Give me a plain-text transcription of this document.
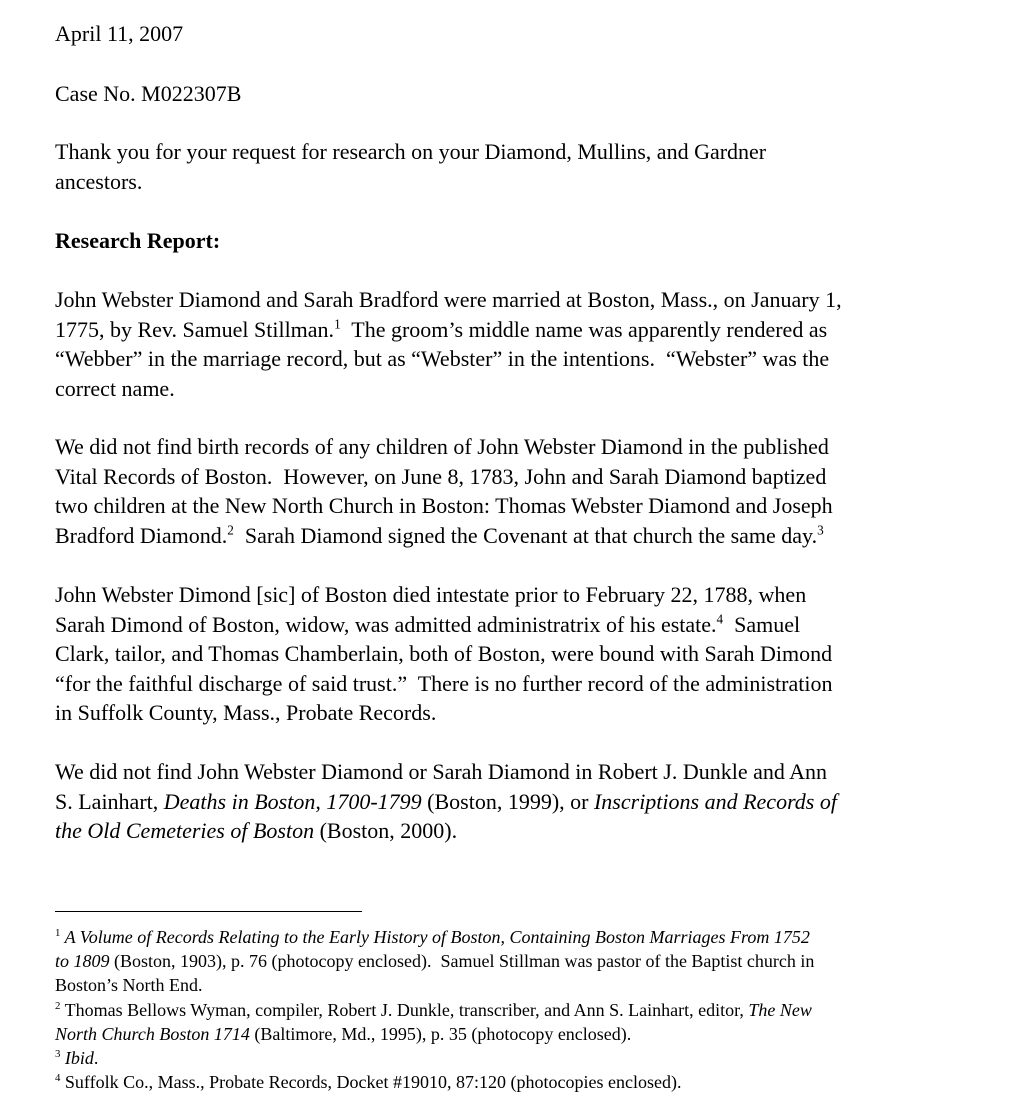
April 11, 2007
Case No. M022307B
Thank you for your request for research on your Diamond, Mullins, and Gardner
ancestors.
Research Report:
John Webster Diamond and Sarah Bradford were married at Boston, Mass., on January 1,
1775, by Rev. Samuel Stillman.$^1$  The groom’s middle name was apparently rendered as
“Webber” in the marriage record, but as “Webster” in the intentions.  “Webster” was the
correct name.
We did not find birth records of any children of John Webster Diamond in the published
Vital Records of Boston.  However, on June 8, 1783, John and Sarah Diamond baptized
two children at the New North Church in Boston: Thomas Webster Diamond and Joseph
Bradford Diamond.$^2$  Sarah Diamond signed the Covenant at that church the same day.$^3$
John Webster Dimond [sic] of Boston died intestate prior to February 22, 1788, when
Sarah Dimond of Boston, widow, was admitted administratrix of his estate.$^4$  Samuel
Clark, tailor, and Thomas Chamberlain, both of Boston, were bound with Sarah Dimond
“for the faithful discharge of said trust.”  There is no further record of the administration
in Suffolk County, Mass., Probate Records.
We did not find John Webster Diamond or Sarah Diamond in Robert J. Dunkle and Ann
S. Lainhart, Deaths in Boston, 1700-1799 (Boston, 1999), or Inscriptions and Records of
the Old Cemeteries of Boston (Boston, 2000).
$^1$ A Volume of Records Relating to the Early History of Boston, Containing Boston Marriages From 1752
to 1809 (Boston, 1903), p. 76 (photocopy enclosed).  Samuel Stillman was pastor of the Baptist church in
Boston’s North End.
$^2$ Thomas Bellows Wyman, compiler, Robert J. Dunkle, transcriber, and Ann S. Lainhart, editor, The New
North Church Boston 1714 (Baltimore, Md., 1995), p. 35 (photocopy enclosed).
$^3$ Ibid.
$^4$ Suffolk Co., Mass., Probate Records, Docket #19010, 87:120 (photocopies enclosed).
